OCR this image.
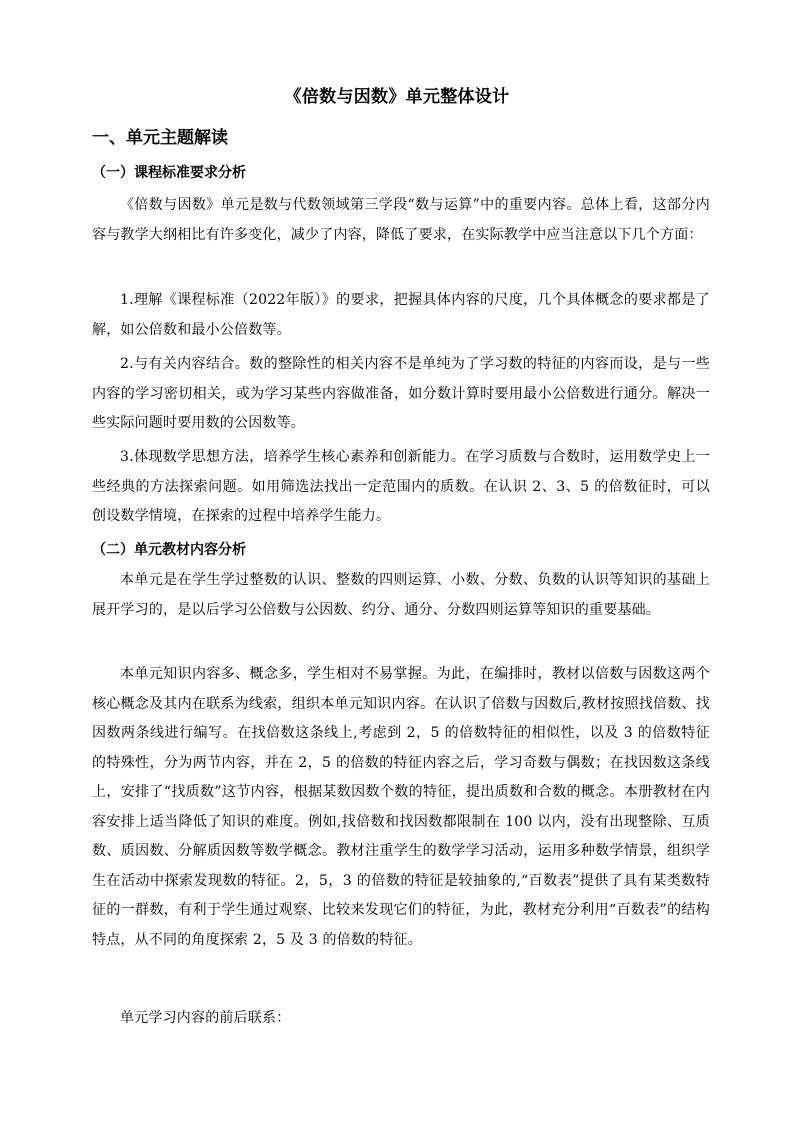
《倍数与因数》单元整体设计
一、单元主题解读
（一）课程标准要求分析
《倍数与因数》单元是数与代数领域第三学段“数与运算”中的重要内容。总体上看，这部分内容与教学大纲相比有许多变化，减少了内容，降低了要求，在实际教学中应当注意以下几个方面：
1.理解《课程标准（2022年版）》的要求，把握具体内容的尺度，几个具体概念的要求都是了解，如公倍数和最小公倍数等。
2.与有关内容结合。数的整除性的相关内容不是单纯为了学习数的特征的内容而设，是与一些内容的学习密切相关，或为学习某些内容做准备，如分数计算时要用最小公倍数进行通分。解决一些实际问题时要用数的公因数等。
3.体现数学思想方法，培养学生核心素养和创新能力。在学习质数与合数时，运用数学史上一些经典的方法探索问题。如用筛选法找出一定范围内的质数。在认识 2、3、5 的倍数征时，可以创设数学情境，在探索的过程中培养学生能力。
（二）单元教材内容分析
本单元是在学生学过整数的认识、整数的四则运算、小数、分数、负数的认识等知识的基础上展开学习的，是以后学习公倍数与公因数、约分、通分、分数四则运算等知识的重要基础。
本单元知识内容多、概念多，学生相对不易掌握。为此，在编排时，教材以倍数与因数这两个核心概念及其内在联系为线索，组织本单元知识内容。在认识了倍数与因数后,教材按照找倍数、找因数两条线进行编写。在找倍数这条线上,考虑到 2，5 的倍数特征的相似性，以及 3 的倍数特征的特殊性，分为两节内容，并在 2，5 的倍数的特征内容之后，学习奇数与偶数；在找因数这条线上，安排了“找质数”这节内容，根据某数因数个数的特征，提出质数和合数的概念。本册教材在内容安排上适当降低了知识的难度。例如,找倍数和找因数都限制在 100 以内，没有出现整除、互质数、质因数、分解质因数等数学概念。教材注重学生的数学学习活动，运用多种数学情景，组织学生在活动中探索发现数的特征。2，5，3 的倍数的特征是较抽象的,“百数表”提供了具有某类数特征的一群数，有利于学生通过观察、比较来发现它们的特征，为此，教材充分利用“百数表”的结构特点，从不同的角度探索 2，5 及 3 的倍数的特征。
单元学习内容的前后联系：
